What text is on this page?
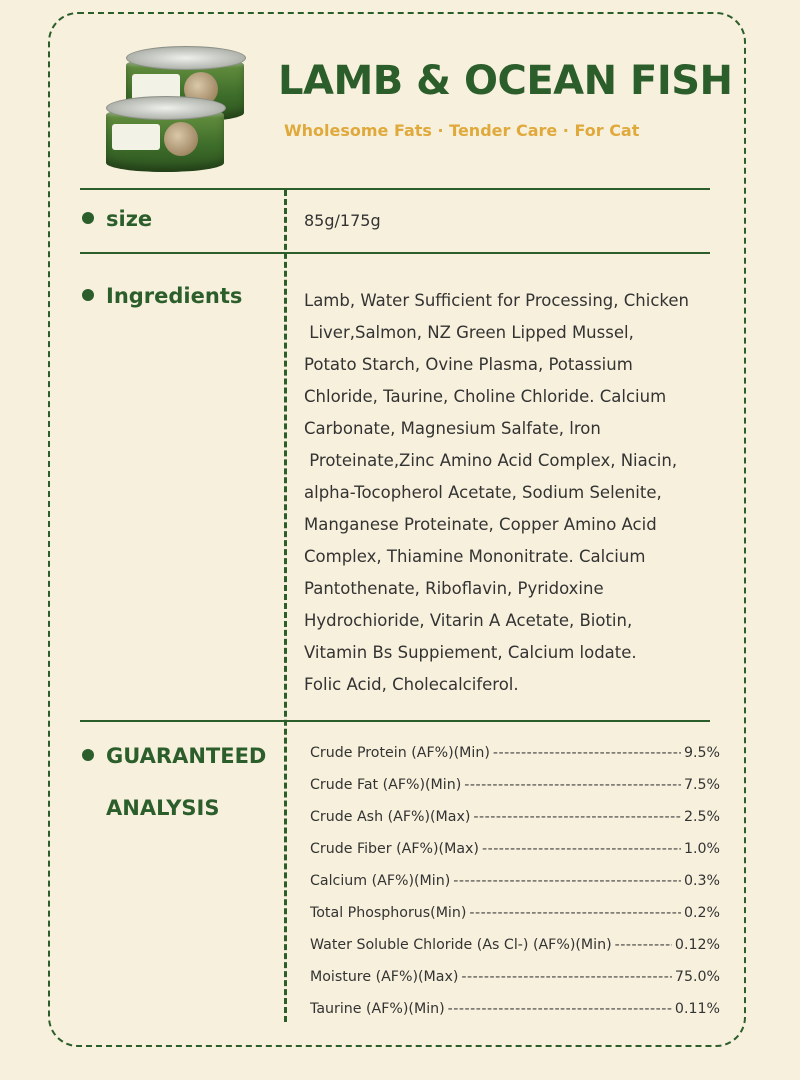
LAMB & OCEAN FISH
Wholesome Fats · Tender Care · For Cat
size	85g/175g
Ingredients	Lamb, Water Sufficient for Processing, Chicken
Liver,Salmon, NZ Green Lipped Mussel,
Potato Starch, Ovine Plasma, Potassium
Chloride, Taurine, Choline Chloride. Calcium
Carbonate, Magnesium Salfate, lron
Proteinate,Zinc Amino Acid Complex, Niacin,
alpha-Tocopherol Acetate, Sodium Selenite,
Manganese Proteinate, Copper Amino Acid
Complex, Thiamine Mononitrate. Calcium
Pantothenate, Riboflavin, Pyridoxine
Hydrochioride, Vitarin A Acetate, Biotin,
Vitamin Bs Suppiement, Calcium lodate.
Folic Acid, Cholecalciferol.
GUARANTEED
ANALYSIS
Crude Protein (AF%)(Min) -----	9.5%
Crude Fat (AF%)(Min) -----	7.5%
Crude Ash (AF%)(Max) -----	2.5%
Crude Fiber (AF%)(Max) -----	1.0%
Calcium (AF%)(Min) -----	0.3%
Total Phosphorus(Min) -----	0.2%
Water Soluble Chloride (As Cl-) (AF%)(Min) -----	0.12%
Moisture (AF%)(Max) -----	75.0%
Taurine (AF%)(Min) -----	0.11%
